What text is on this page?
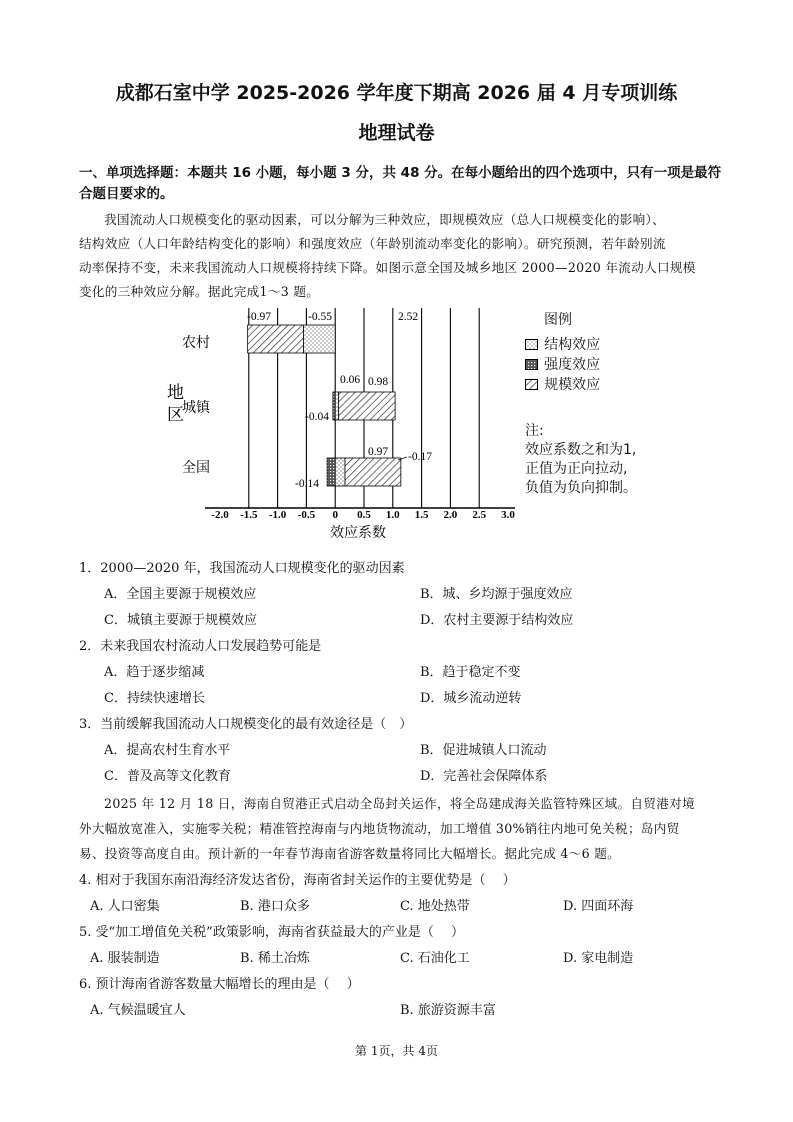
成都石室中学 2025-2026 学年度下期高 2026 届 4 月专项训练
地理试卷
一、单项选择题：本题共 16 小题，每小题 3 分，共 48 分。在每小题给出的四个选项中，只有一项是最符
合题目要求的。
我国流动人口规模变化的驱动因素，可以分解为三种效应，即规模效应（总人口规模变化的影响）、
结构效应（人口年龄结构变化的影响）和强度效应（年龄别流动率变化的影响）。研究预测，若年龄别流
动率保持不变，未来我国流动人口规模将持续下降。如图示意全国及城乡地区 2000—2020 年流动人口规模
变化的三种效应分解。据此完成1～3 题。
-0.97	-0.55	2.52
0.06 0.98
-0.04
0.97 -0.17
-0.14
-2.0 -1.5 -1.0 -0.5 0 0.5 1.0 1.5 2.0 2.5 3.0
效应系数
地
区
农村
城镇
全国
图例
结构效应
强度效应
规模效应
注:
效应系数之和为1,
正值为正向拉动,
负值为负向抑制。
1．2000—2020 年，我国流动人口规模变化的驱动因素
A．全国主要源于规模效应	B．城、乡均源于强度效应
C．城镇主要源于规模效应	D．农村主要源于结构效应
2．未来我国农村流动人口发展趋势可能是
A．趋于逐步缩减	B．趋于稳定不变
C．持续快速增长	D．城乡流动逆转
3．当前缓解我国流动人口规模变化的最有效途径是（　）
A．提高农村生育水平	B．促进城镇人口流动
C．普及高等文化教育	D．完善社会保障体系
2025 年 12 月 18 日，海南自贸港正式启动全岛封关运作，将全岛建成海关监管特殊区域。自贸港对境
外大幅放宽准入，实施零关税；精准管控海南与内地货物流动，加工增值 30%销往内地可免关税；岛内贸
易、投资等高度自由。预计新的一年春节海南省游客数量将同比大幅增长。据此完成 4～6 题。
4. 相对于我国东南沿海经济发达省份，海南省封关运作的主要优势是（　 ）
A. 人口密集	B. 港口众多	C. 地处热带	D. 四面环海
5. 受“加工增值免关税”政策影响，海南省获益最大的产业是（　 ）
A. 服装制造	B. 稀土冶炼	C. 石油化工	D. 家电制造
6. 预计海南省游客数量大幅增长的理由是（　 ）
A. 气候温暖宜人	B. 旅游资源丰富
第 1页，共 4页
